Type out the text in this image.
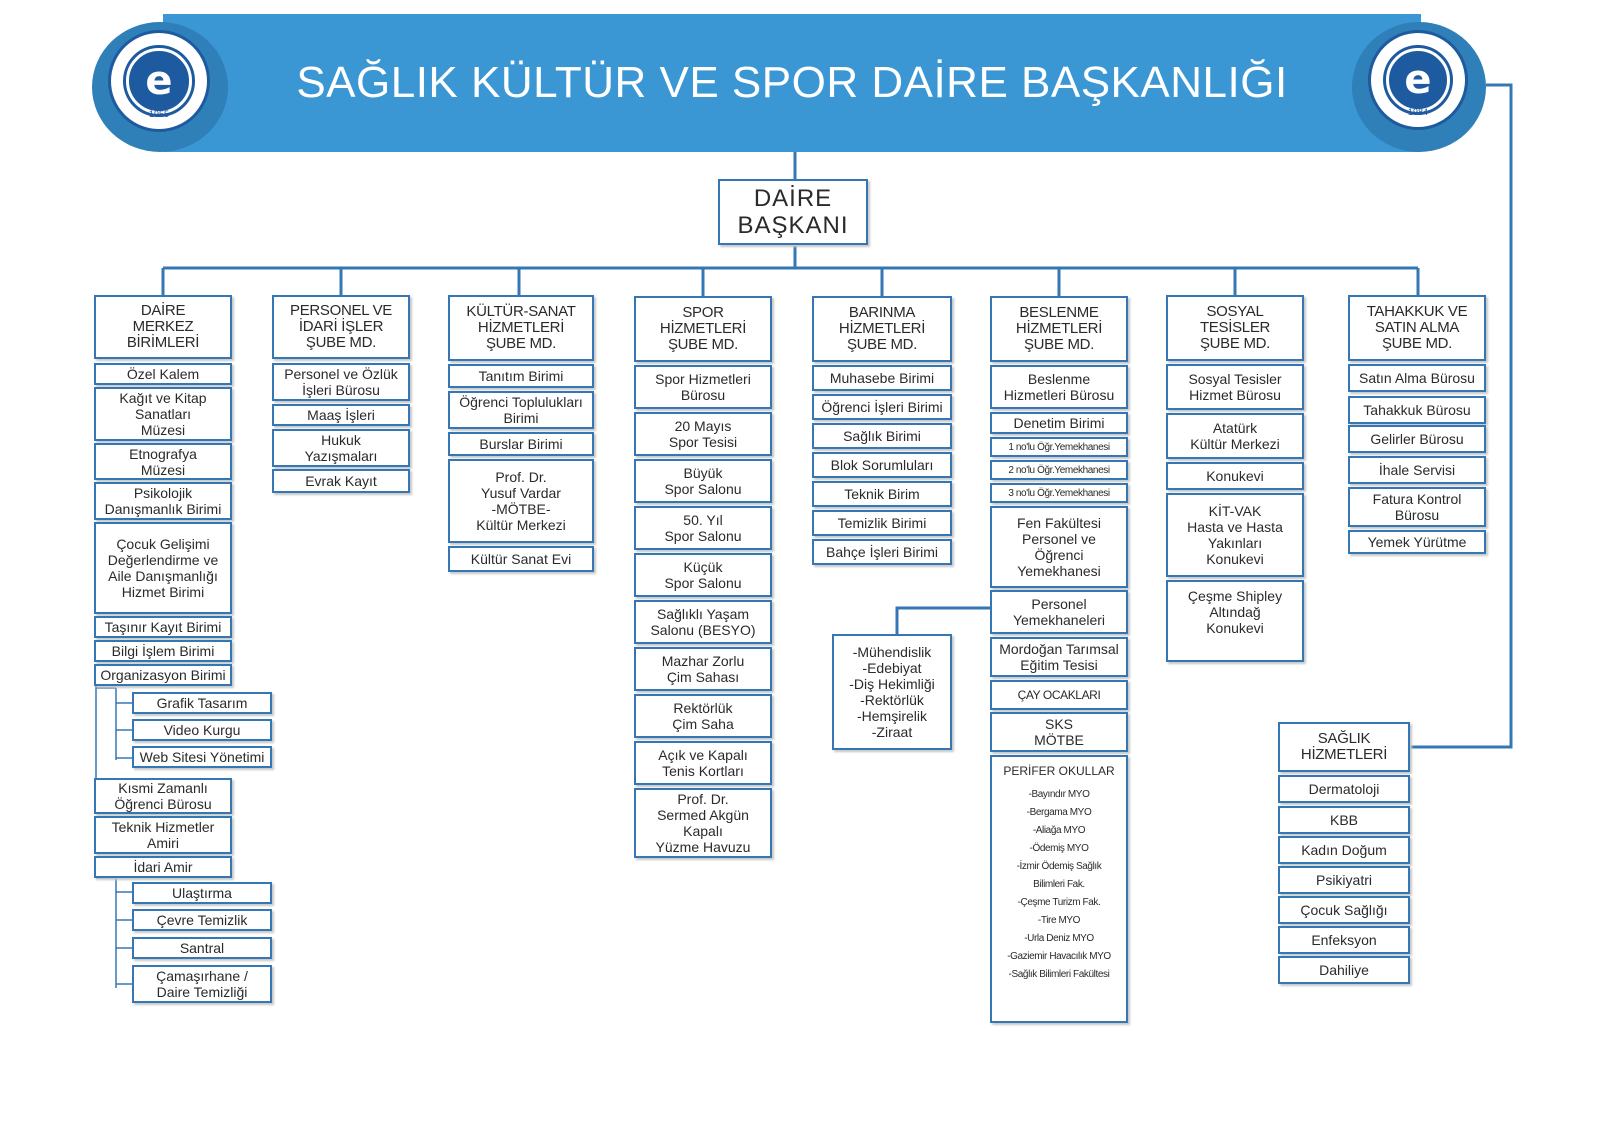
SAĞLIK KÜLTÜR VE SPOR DAİRE BAŞKANLIĞI
e
1955
e
1984
DAİRE
BAŞKANI
DAİRE
MERKEZ
BİRİMLERİ
Özel Kalem
Kağıt ve Kitap
Sanatları
Müzesi
Etnografya
Müzesi
Psikolojik
Danışmanlık Birimi
Çocuk Gelişimi
Değerlendirme ve
Aile Danışmanlığı
Hizmet Birimi
Taşınır Kayıt Birimi
Bilgi İşlem Birimi
Organizasyon Birimi
Grafik Tasarım
Video Kurgu
Web Sitesi Yönetimi
Kısmi Zamanlı
Öğrenci Bürosu
Teknik Hizmetler
Amiri
İdari Amir
Ulaştırma
Çevre Temizlik
Santral
Çamaşırhane /
Daire Temizliği
PERSONEL VE
İDARİ İŞLER
ŞUBE MD.
Personel ve Özlük
İşleri Bürosu
Maaş İşleri
Hukuk
Yazışmaları
Evrak Kayıt
KÜLTÜR-SANAT
HİZMETLERİ
ŞUBE MD.
Tanıtım Birimi
Öğrenci Toplulukları
Birimi
Burslar Birimi
Prof. Dr.
Yusuf Vardar
-MÖTBE-
Kültür Merkezi
Kültür Sanat Evi
SPOR
HİZMETLERİ
ŞUBE MD.
Spor Hizmetleri
Bürosu
20 Mayıs
Spor Tesisi
Büyük
Spor Salonu
50. Yıl
Spor Salonu
Küçük
Spor Salonu
Sağlıklı Yaşam
Salonu (BESYO)
Mazhar Zorlu
Çim Sahası
Rektörlük
Çim Saha
Açık ve Kapalı
Tenis Kortları
Prof. Dr.
Sermed Akgün
Kapalı
Yüzme Havuzu
BARINMA
HİZMETLERİ
ŞUBE MD.
Muhasebe Birimi
Öğrenci İşleri Birimi
Sağlık Birimi
Blok Sorumluları
Teknik Birim
Temizlik Birimi
Bahçe İşleri Birimi
-Mühendislik
-Edebiyat
-Diş Hekimliği
-Rektörlük
-Hemşirelik
-Ziraat
BESLENME
HİZMETLERİ
ŞUBE MD.
Beslenme
Hizmetleri Bürosu
Denetim Birimi
1 no'lu Öğr.Yemekhanesi
2 no'lu Öğr.Yemekhanesi
3 no'lu Öğr.Yemekhanesi
Fen Fakültesi
Personel ve
Öğrenci
Yemekhanesi
Personel
Yemekhaneleri
Mordoğan Tarımsal
Eğitim Tesisi
ÇAY OCAKLARI
SKS
MÖTBE
PERİFER OKULLAR
-Bayındır MYO
-Bergama MYO
-Aliağa MYO
-Ödemiş MYO
-İzmir Ödemiş Sağlık
Bilimleri Fak.
-Çeşme Turizm Fak.
-Tire MYO
-Urla Deniz MYO
-Gaziemir Havacılık MYO
-Sağlık Bilimleri Fakültesi
SOSYAL TESİSLER
ŞUBE MD.
Sosyal Tesisler
Hizmet Bürosu
Atatürk
Kültür Merkezi
Konukevi
KİT-VAK
Hasta ve Hasta
Yakınları
Konukevi
Çeşme Shipley
Altındağ
Konukevi
TAHAKKUK VE
SATIN ALMA
ŞUBE MD.
Satın Alma Bürosu
Tahakkuk Bürosu
Gelirler Bürosu
İhale Servisi
Fatura Kontrol
Bürosu
Yemek Yürütme
SAĞLIK
HİZMETLERİ
Dermatoloji
KBB
Kadın Doğum
Psikiyatri
Çocuk Sağlığı
Enfeksyon
Dahiliye
